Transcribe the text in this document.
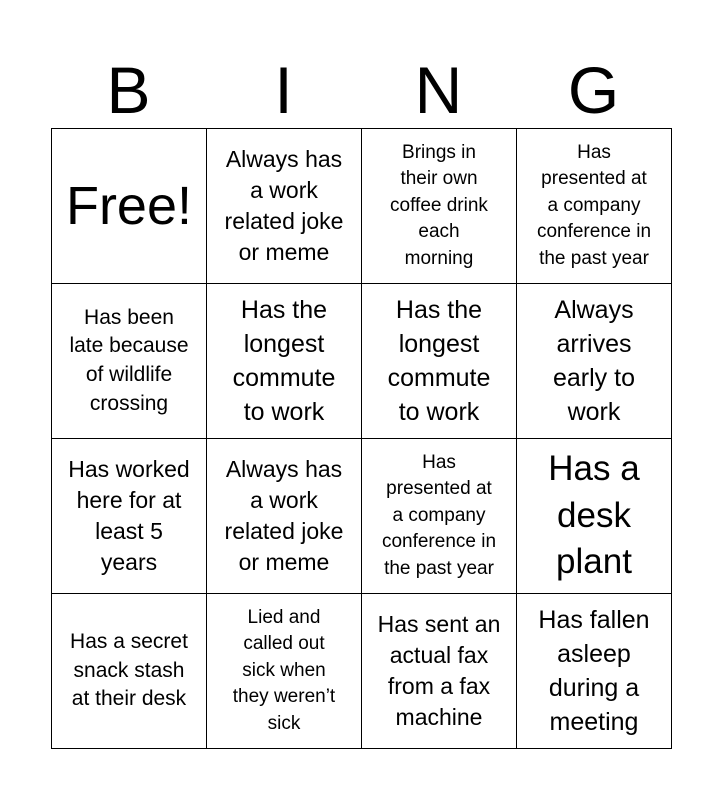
B	I	N	G
Free!
Always has
a work
related joke
or meme
Brings in
their own
coffee drink
each
morning
Has
presented at
a company
conference in
the past year
Has been
late because
of wildlife
crossing
Has the
longest
commute
to work
Has the
longest
commute
to work
Always
arrives
early to
work
Has worked
here for at
least 5
years
Always has
a work
related joke
or meme
Has
presented at
a company
conference in
the past year
Has a
desk
plant
Has a secret
snack stash
at their desk
Lied and
called out
sick when
they weren’t
sick
Has sent an
actual fax
from a fax
machine
Has fallen
asleep
during a
meeting
